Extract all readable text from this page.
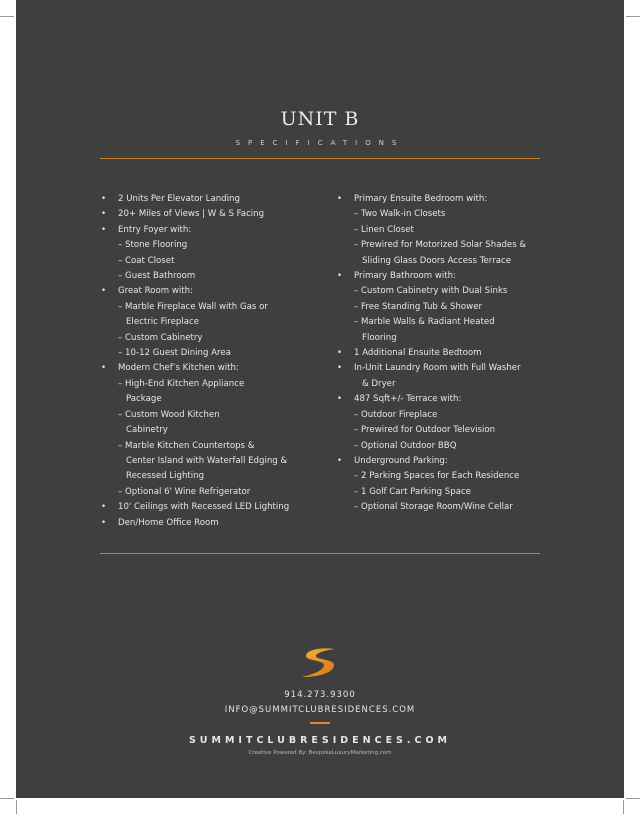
UNIT B
SPECIFICATIONS
• 2 Units Per Elevator Landing
• 20+ Miles of Views | W & S Facing
• Entry Foyer with:
– Stone Flooring
– Coat Closet
– Guest Bathroom
• Great Room with:
– Marble Fireplace Wall with Gas or
Electric Fireplace
– Custom Cabinetry
– 10-12 Guest Dining Area
• Modern Chef’s Kitchen with:
– High-End Kitchen Appliance
Package
– Custom Wood Kitchen
Cabinetry
– Marble Kitchen Countertops &
Center Island with Waterfall Edging &
Recessed Lighting
– Optional 6' Wine Refrigerator
• 10' Ceilings with Recessed LED Lighting
• Den/Home Office Room
• Primary Ensuite Bedroom with:
– Two Walk-in Closets
– Linen Closet
– Prewired for Motorized Solar Shades &
Sliding Glass Doors Access Terrace
• Primary Bathroom with:
– Custom Cabinetry with Dual Sinks
– Free Standing Tub & Shower
– Marble Walls & Radiant Heated
Flooring
• 1 Additional Ensuite Bedtoom
• In-Unit Laundry Room with Full Washer
& Dryer
• 487 Sqft+/- Terrace with:
– Outdoor Fireplace
– Prewired for Outdoor Television
– Optional Outdoor BBQ
• Underground Parking:
– 2 Parking Spaces for Each Residence
– 1 Golf Cart Parking Space
– Optional Storage Room/Wine Cellar
914.273.9300
INFO@SUMMITCLUBRESIDENCES.COM
SUMMITCLUBRESIDENCES.COM
Creative Powered By: BespokeLuxuryMarketing.com
